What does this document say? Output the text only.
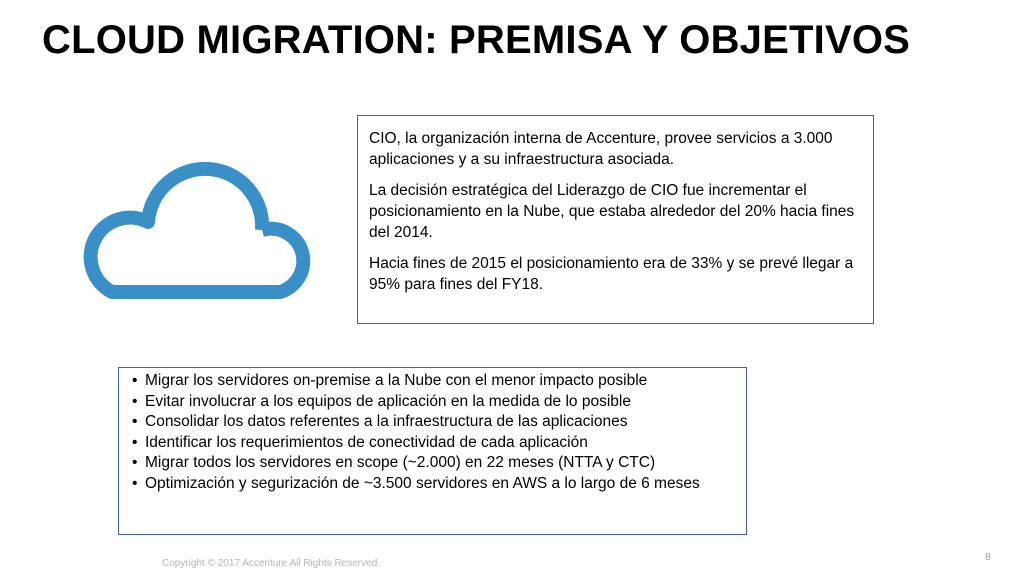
CLOUD MIGRATION: PREMISA Y OBJETIVOS

CIO, la organización interna de Accenture, provee servicios a 3.000 aplicaciones y a su infraestructura asociada.

La decisión estratégica del Liderazgo de CIO fue incrementar el posicionamiento en la Nube, que estaba alrededor del 20% hacia fines del 2014.

Hacia fines de 2015 el posicionamiento era de 33% y se prevé llegar a 95% para fines del FY18.

• Migrar los servidores on-premise a la Nube con el menor impacto posible
• Evitar involucrar a los equipos de aplicación en la medida de lo posible
• Consolidar los datos referentes a la infraestructura de las aplicaciones
• Identificar los requerimientos de conectividad de cada aplicación
• Migrar todos los servidores en scope (~2.000) en 22 meses (NTTA y CTC)
• Optimización y segurización de ~3.500 servidores en AWS a lo largo de 6 meses
Copyright © 2017 Accenture All Rights Reserved.
8
